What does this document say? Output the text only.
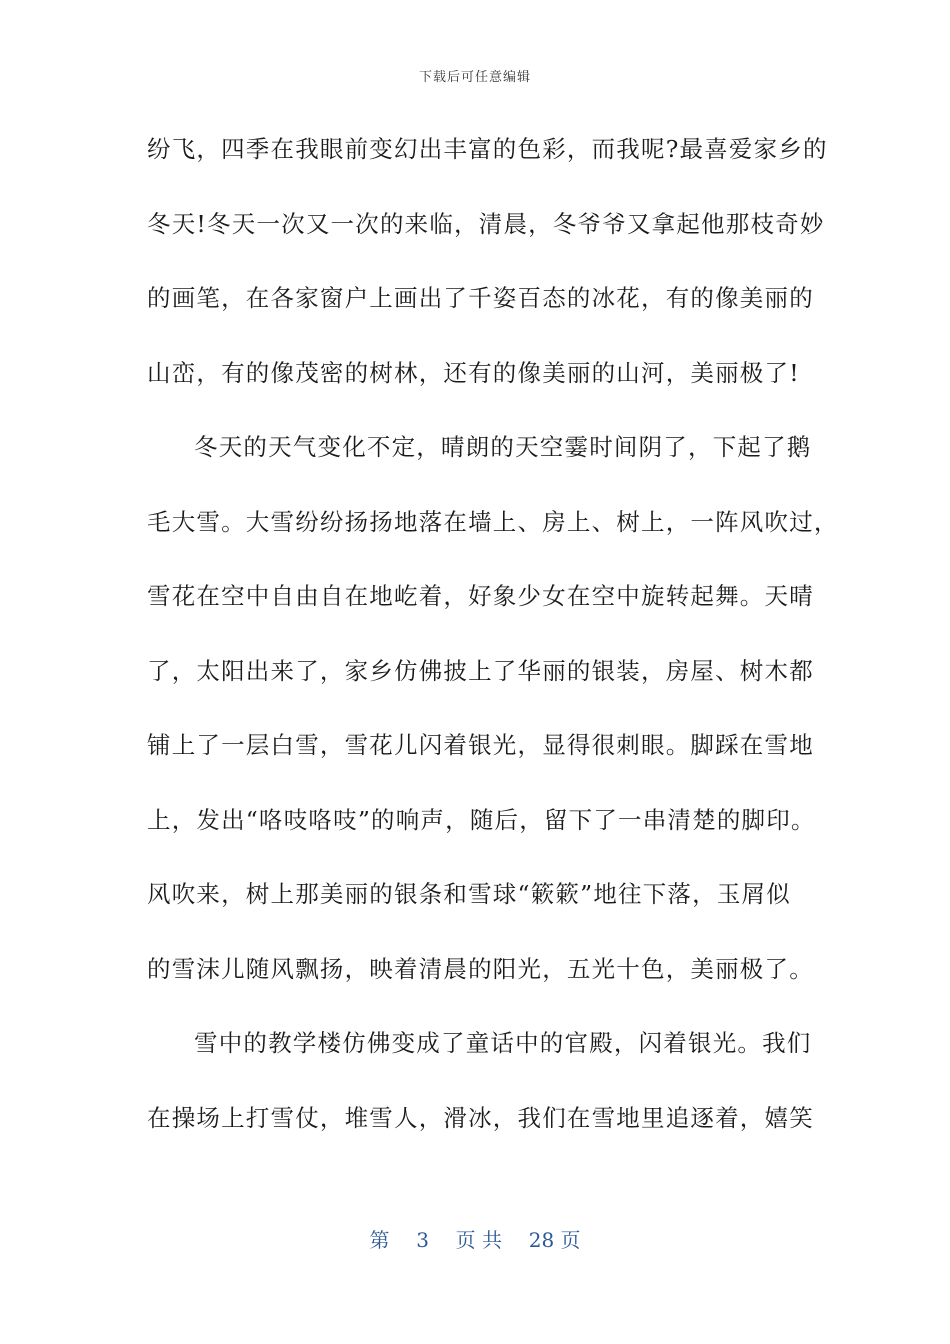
下载后可任意编辑
纷飞，四季在我眼前变幻出丰富的色彩，而我呢?最喜爱家乡的
冬天!冬天一次又一次的来临，清晨，冬爷爷又拿起他那枝奇妙
的画笔，在各家窗户上画出了千姿百态的冰花，有的像美丽的
山峦，有的像茂密的树林，还有的像美丽的山河，美丽极了!
冬天的天气变化不定，晴朗的天空霎时间阴了，下起了鹅
毛大雪。大雪纷纷扬扬地落在墙上、房上、树上，一阵风吹过，
雪花在空中自由自在地屹着，好象少女在空中旋转起舞。天晴
了，太阳出来了，家乡仿佛披上了华丽的银装，房屋、树木都
铺上了一层白雪，雪花儿闪着银光，显得很刺眼。脚踩在雪地
上，发出“咯吱咯吱”的响声，随后，留下了一串清楚的脚印。
风吹来，树上那美丽的银条和雪球“簌簌”地往下落，玉屑似
的雪沫儿随风飘扬，映着清晨的阳光，五光十色，美丽极了。
雪中的教学楼仿佛变成了童话中的官殿，闪着银光。我们
在操场上打雪仗，堆雪人，滑冰，我们在雪地里追逐着，嬉笑
第 3 页 共 28 页
